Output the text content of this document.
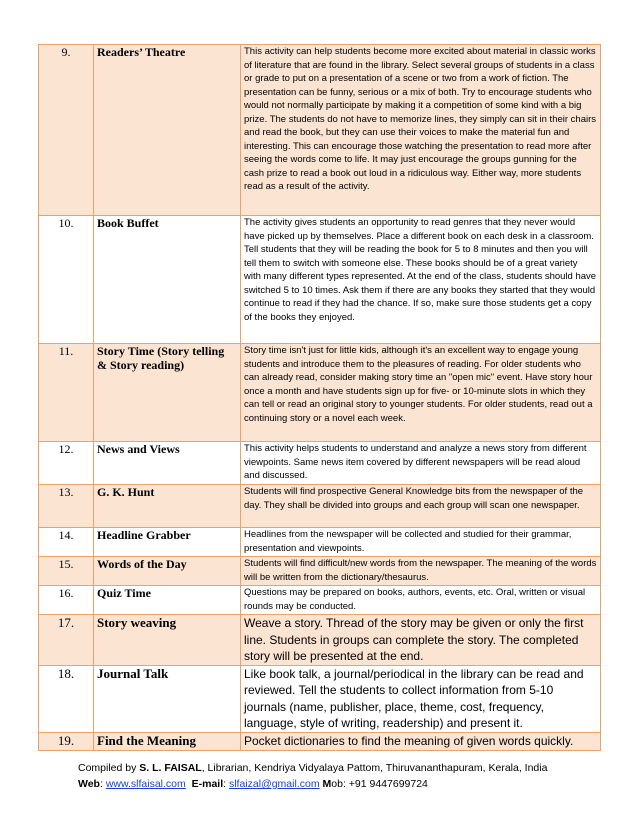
9.	Readers’ Theatre	This activity can help students become more excited about material in classic works of literature that are found in the library. Select several groups of students in a class or grade to put on a presentation of a scene or two from a work of fiction. The presentation can be funny, serious or a mix of both. Try to encourage students who would not normally participate by making it a competition of some kind with a big prize. The students do not have to memorize lines, they simply can sit in their chairs and read the book, but they can use their voices to make the material fun and interesting. This can encourage those watching the presentation to read more after seeing the words come to life. It may just encourage the groups gunning for the cash prize to read a book out loud in a ridiculous way. Either way, more students read as a result of the activity.
10.	Book Buffet	The activity gives students an opportunity to read genres that they never would have picked up by themselves. Place a different book on each desk in a classroom. Tell students that they will be reading the book for 5 to 8 minutes and then you will tell them to switch with someone else. These books should be of a great variety with many different types represented. At the end of the class, students should have switched 5 to 10 times. Ask them if there are any books they started that they would continue to read if they had the chance. If so, make sure those students get a copy of the books they enjoyed.
11.	Story Time (Story telling & Story reading)	Story time isn't just for little kids, although it's an excellent way to engage young students and introduce them to the pleasures of reading. For older students who can already read, consider making story time an "open mic" event. Have story hour once a month and have students sign up for five- or 10-minute slots in which they can tell or read an original story to younger students. For older students, read out a continuing story or a novel each week.
12.	News and Views	This activity helps students to understand and analyze a news story from different viewpoints. Same news item covered by different newspapers will be read aloud and discussed.
13.	G. K. Hunt	Students will find prospective General Knowledge bits from the newspaper of the day. They shall be divided into groups and each group will scan one newspaper.
14.	Headline Grabber	Headlines from the newspaper will be collected and studied for their grammar, presentation and viewpoints.
15.	Words of the Day	Students will find difficult/new words from the newspaper. The meaning of the words will be written from the dictionary/thesaurus.
16.	Quiz Time	Questions may be prepared on books, authors, events, etc. Oral, written or visual rounds may be conducted.
17.	Story weaving	Weave a story. Thread of the story may be given or only the first line. Students in groups can complete the story. The completed story will be presented at the end.
18.	Journal Talk	Like book talk, a journal/periodical in the library can be read and reviewed. Tell the students to collect information from 5-10 journals (name, publisher, place, theme, cost, frequency, language, style of writing, readership) and present it.
19.	Find the Meaning	Pocket dictionaries to find the meaning of given words quickly.
Compiled by S. L. FAISAL, Librarian, Kendriya Vidyalaya Pattom, Thiruvananthapuram, Kerala, India
Web: www.slfaisal.com E-mail: slfaizal@gmail.com Mob: +91 9447699724
